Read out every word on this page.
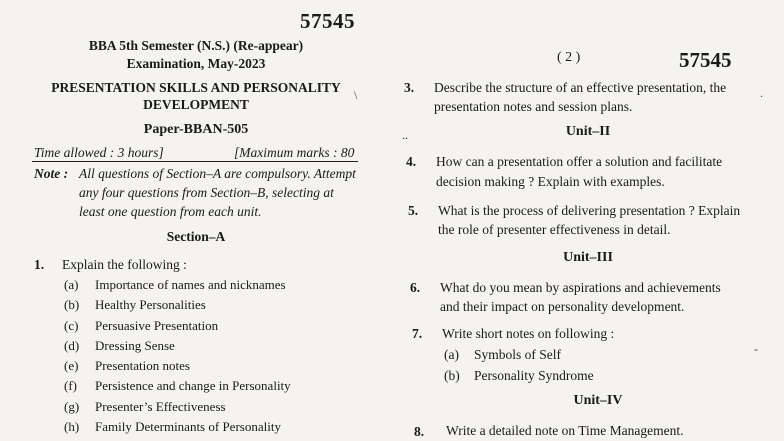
57545
BBA 5th Semester (N.S.) (Re-appear)
Examination, May-2023
PRESENTATION SKILLS AND PERSONALITY
DEVELOPMENT
Paper-BBAN-505
Time allowed : 3 hours]	[Maximum marks : 80
Note : All questions of Section–A are compulsory. Attempt
any four questions from Section–B, selecting at
least one question from each unit.
Section–A
1. Explain the following :
(a) Importance of names and nicknames
(b) Healthy Personalities
(c) Persuasive Presentation
(d) Dressing Sense
(e) Presentation notes
(f) Persistence and change in Personality
(g) Presenter’s Effectiveness
(h) Family Determinants of Personality
\
( 2 )	57545
3. Describe the structure of an effective presentation, the
presentation notes and session plans.
..	Unit–II
4. How can a presentation offer a solution and facilitate
decision making ? Explain with examples.
5. What is the process of delivering presentation ? Explain
the role of presenter effectiveness in detail.
Unit–III
6. What do you mean by aspirations and achievements
and their impact on personality development.
7. Write short notes on following :
(a) Symbols of Self
(b) Personality Syndrome
Unit–IV
8. Write a detailed note on Time Management.
.
-
